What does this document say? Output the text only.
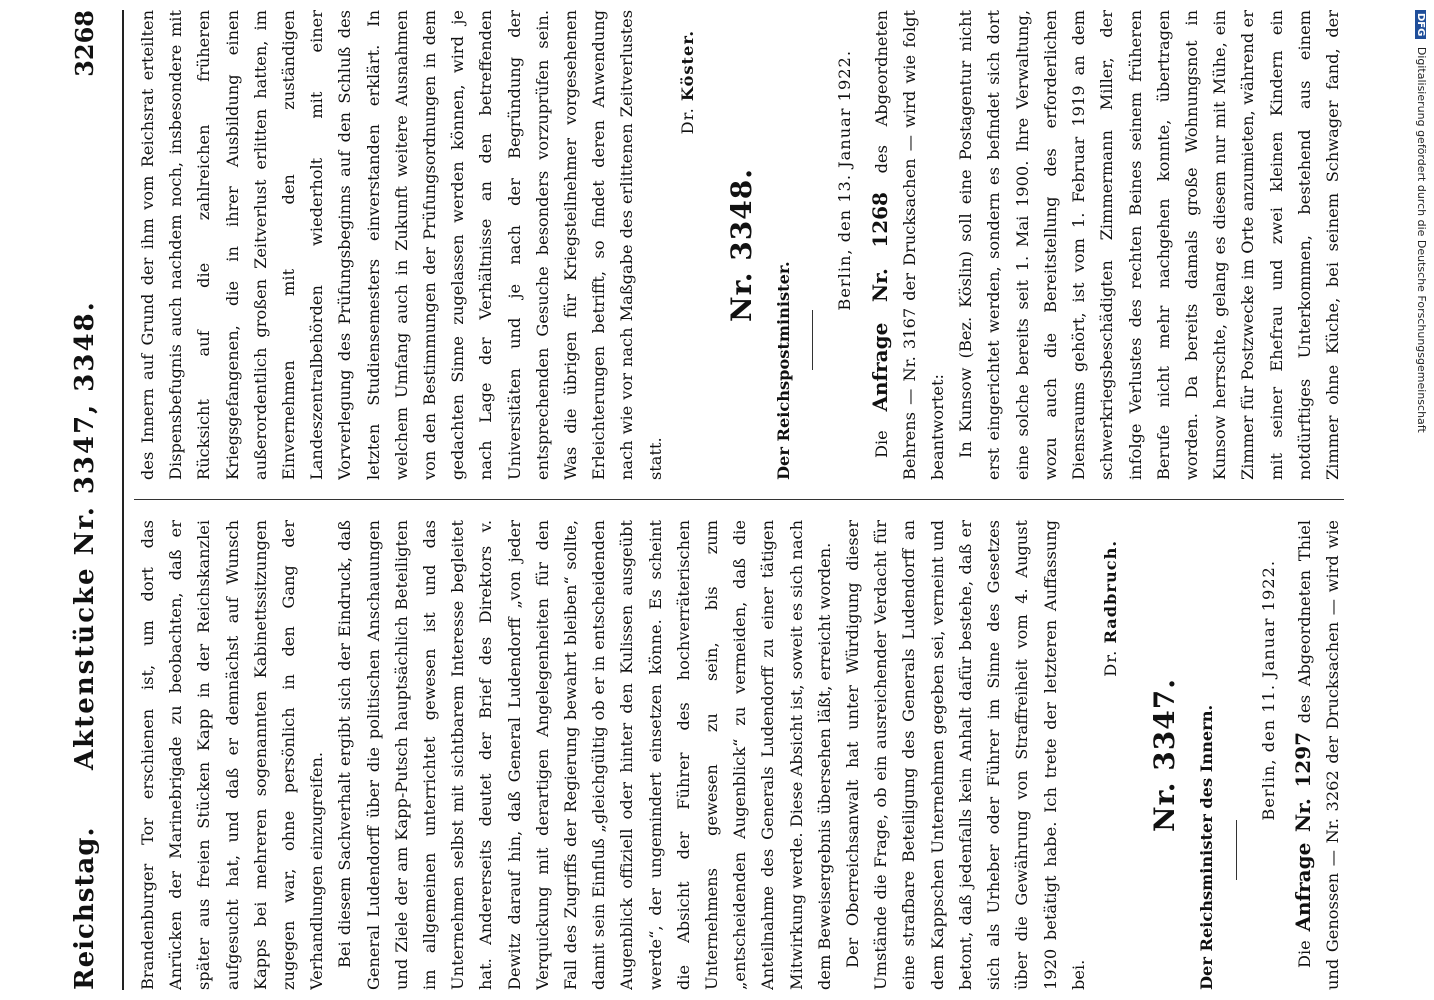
DFG Digitalisierung gefördert durch die Deutsche Forschungsgemeinschaft
Reichstag.
Aktenstücke Nr. 3347, 3348.
3268

Brandenburger Tor erschienen ist, um dort das Anrücken der Marinebrigade zu beobachten, daß er später aus freien Stücken Kapp in der Reichskanzlei aufgesucht hat, und daß er demnächst auf Wunsch Kapps bei mehreren sogenannten Kabinettssitzungen zugegen war, ohne persönlich in den Gang der Verhandlungen einzugreifen. Bei diesem Sachverhalt ergibt sich der Eindruck, daß General Ludendorff über die politischen Anschauungen und Ziele der am Kapp-Putsch hauptsächlich Beteiligten im allgemeinen unterrichtet gewesen ist und das Unternehmen selbst mit sichtbarem Interesse begleitet hat. Andererseits deutet der Brief des Direktors v. Dewitz darauf hin, daß General Ludendorff „von jeder Verquickung mit derartigen Angelegenheiten für den Fall des Zugriffs der Regierung bewahrt bleiben“ sollte, damit sein Einfluß „gleichgültig ob er in entscheidenden Augenblick offiziell oder hinter den Kulissen ausgeübt werde“, der ungemindert einsetzen könne. Es scheint die Absicht der Führer des hochverräterischen Unternehmens gewesen zu sein, bis zum „entscheidenden Augenblick“ zu vermeiden, daß die Anteilnahme des Generals Ludendorff zu einer tätigen Mitwirkung werde. Diese Absicht ist, soweit es sich nach dem Beweisergebnis übersehen läßt, erreicht worden. Der Oberreichsanwalt hat unter Würdigung dieser Umstände die Frage, ob ein ausreichender Verdacht für eine strafbare Beteiligung des Generals Ludendorff an dem Kappschen Unternehmen gegeben sei, verneint und betont, daß jedenfalls kein Anhalt dafür bestehe, daß er sich als Urheber oder Führer im Sinne des Gesetzes über die Gewährung von Straffreiheit vom 4. August 1920 betätigt habe. Ich trete der letzteren Auffassung bei.

Dr. Radbruch.
Nr. 3347. Der Reichsminister des Innern.
Berlin, den 11. Januar 1922.

Die Anfrage Nr. 1297 des Abgeordneten Thiel und Genossen — Nr. 3262 der Drucksachen — wird wie

des Innern auf Grund der ihm vom Reichsrat erteilten Dispensbefugnis auch nachdem noch, insbesondere mit Rücksicht auf die zahlreichen früheren Kriegsgefangenen, die in ihrer Ausbildung einen außerordentlich großen Zeitverlust erlitten hatten, im Einvernehmen mit den zuständigen Landeszentralbehörden wiederholt mit einer Vorverlegung des Prüfungsbeginns auf den Schluß des letzten Studiensemesters einverstanden erklärt. In welchem Umfang auch in Zukunft weitere Ausnahmen von den Bestimmungen der Prüfungsordnungen in dem gedachten Sinne zugelassen werden können, wird je nach Lage der Verhältnisse an den betreffenden Universitäten und je nach der Begründung der entsprechenden Gesuche besonders vorzuprüfen sein. Was die übrigen für Kriegsteilnehmer vorgesehenen Erleichterungen betrifft, so findet deren Anwendung nach wie vor nach Maßgabe des erlittenen Zeitverlustes statt.

Dr. Köster.
Nr. 3348.
Der Reichspostminister.
Berlin, den 13. Januar 1922.

Die Anfrage Nr. 1268 des Abgeordneten Behrens — Nr. 3167 der Drucksachen — wird wie folgt beantwortet: In Kunsow (Bez. Köslin) soll eine Postagentur nicht erst eingerichtet werden, sondern es befindet sich dort eine solche bereits seit 1. Mai 1900. Ihre Verwaltung, wozu auch die Bereitstellung des erforderlichen Diensraums gehört, ist vom 1. Februar 1919 an dem schwerkriegsbeschädigten Zimmermann Miller, der infolge Verlustes des rechten Beines seinem früheren Berufe nicht mehr nachgehen konnte, übertragen worden. Da bereits damals große Wohnungsnot in Kunsow herrschte, gelang es diesem nur mit Mühe, ein Zimmer für Postzwecke im Orte anzumieten, während er mit seiner Ehefrau und zwei kleinen Kindern ein notdürftiges Unterkommen, bestehend aus einem Zimmer ohne Küche, bei seinem Schwager fand, der
